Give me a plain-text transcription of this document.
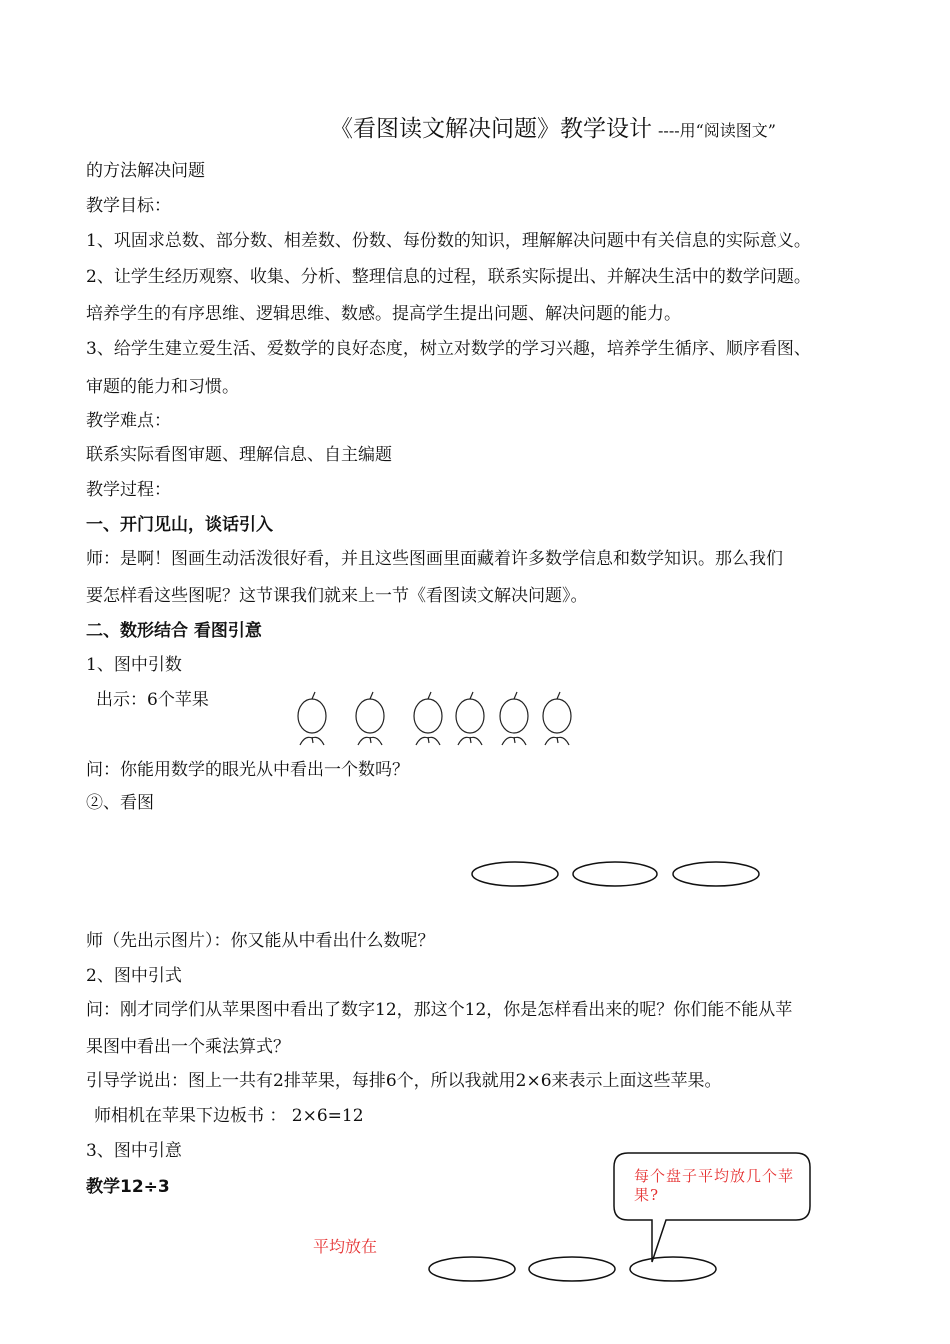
《看图读文解决问题》教学设计 ----用“阅读图文”
的方法解决问题
教学目标：
1、巩固求总数、部分数、相差数、份数、每份数的知识，理解解决问题中有关信息的实际意义。
2、让学生经历观察、收集、分析、整理信息的过程，联系实际提出、并解决生活中的数学问题。
培养学生的有序思维、逻辑思维、数感。提高学生提出问题、解决问题的能力。
3、给学生建立爱生活、爱数学的良好态度，树立对数学的学习兴趣，培养学生循序、顺序看图、
审题的能力和习惯。
教学难点：
联系实际看图审题、理解信息、自主编题
教学过程：
一、开门见山，谈话引入
师：是啊！图画生动活泼很好看，并且这些图画里面藏着许多数学信息和数学知识。那么我们
要怎样看这些图呢？这节课我们就来上一节《看图读文解决问题》。
二、数形结合 看图引意
1、图中引数
出示：6个苹果
问：你能用数学的眼光从中看出一个数吗？
②、看图
师（先出示图片）：你又能从中看出什么数呢？
2、图中引式
问：刚才同学们从苹果图中看出了数字12，那这个12，你是怎样看出来的呢？你们能不能从苹
果图中看出一个乘法算式？
引导学说出：图上一共有2排苹果，每排6个，所以我就用2×6来表示上面这些苹果。
师相机在苹果下边板书 ： 2×6=12
3、图中引意
教学12÷3
平均放在
每个盘子平均放几个苹果?
